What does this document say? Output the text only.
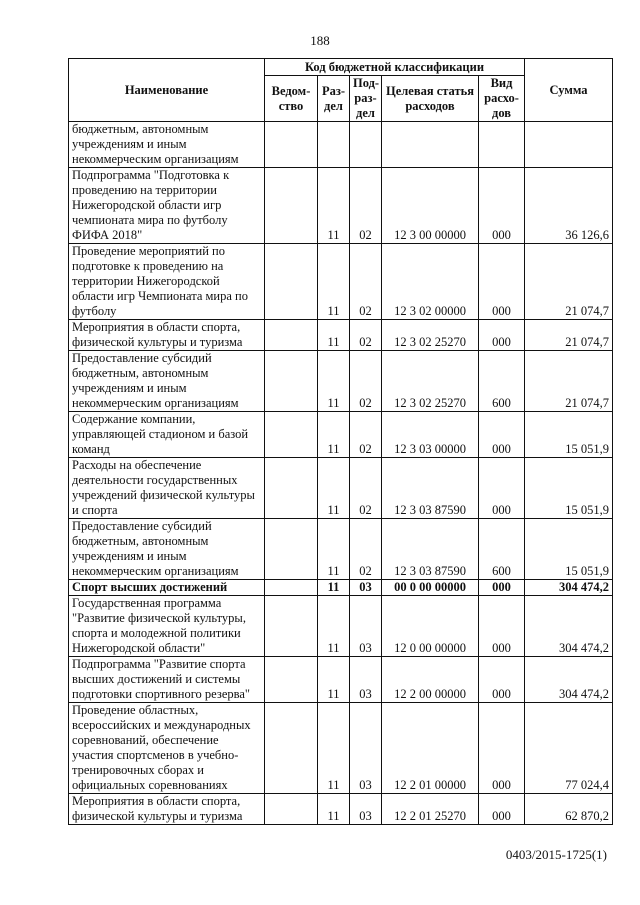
188
Наименование	Код бюджетной классификации					Сумма
	Ведом-ство	Раз-дел	Под-раз-дел	Целевая статья расходов	Вид расхо-дов	
бюджетным, автономным учреждениям и иным некоммерческим организациям						
Подпрограмма "Подготовка к проведению на территории Нижегородской области игр чемпионата мира по футболу ФИФА 2018"		11	02	12 3 00 00000	000	36 126,6
Проведение мероприятий по подготовке к проведению на территории Нижегородской области игр Чемпионата мира по футболу		11	02	12 3 02 00000	000	21 074,7
Мероприятия в области спорта, физической культуры и туризма		11	02	12 3 02 25270	000	21 074,7
Предоставление субсидий бюджетным, автономным учреждениям и иным некоммерческим организациям		11	02	12 3 02 25270	600	21 074,7
Содержание компании, управляющей стадионом и базой команд		11	02	12 3 03 00000	000	15 051,9
Расходы на обеспечение деятельности государственных учреждений физической культуры и спорта		11	02	12 3 03 87590	000	15 051,9
Предоставление субсидий бюджетным, автономным учреждениям и иным некоммерческим организациям		11	02	12 3 03 87590	600	15 051,9
Спорт высших достижений		11	03	00 0 00 00000	000	304 474,2
Государственная программа "Развитие физической культуры, спорта и молодежной политики Нижегородской области"		11	03	12 0 00 00000	000	304 474,2
Подпрограмма "Развитие спорта высших достижений и системы подготовки спортивного резерва"		11	03	12 2 00 00000	000	304 474,2
Проведение областных, всероссийских и международных соревнований, обеспечение участия спортсменов в учебно-тренировочных сборах и официальных соревнованиях		11	03	12 2 01 00000	000	77 024,4
Мероприятия в области спорта, физической культуры и туризма		11	03	12 2 01 25270	000	62 870,2
0403/2015-1725(1)
